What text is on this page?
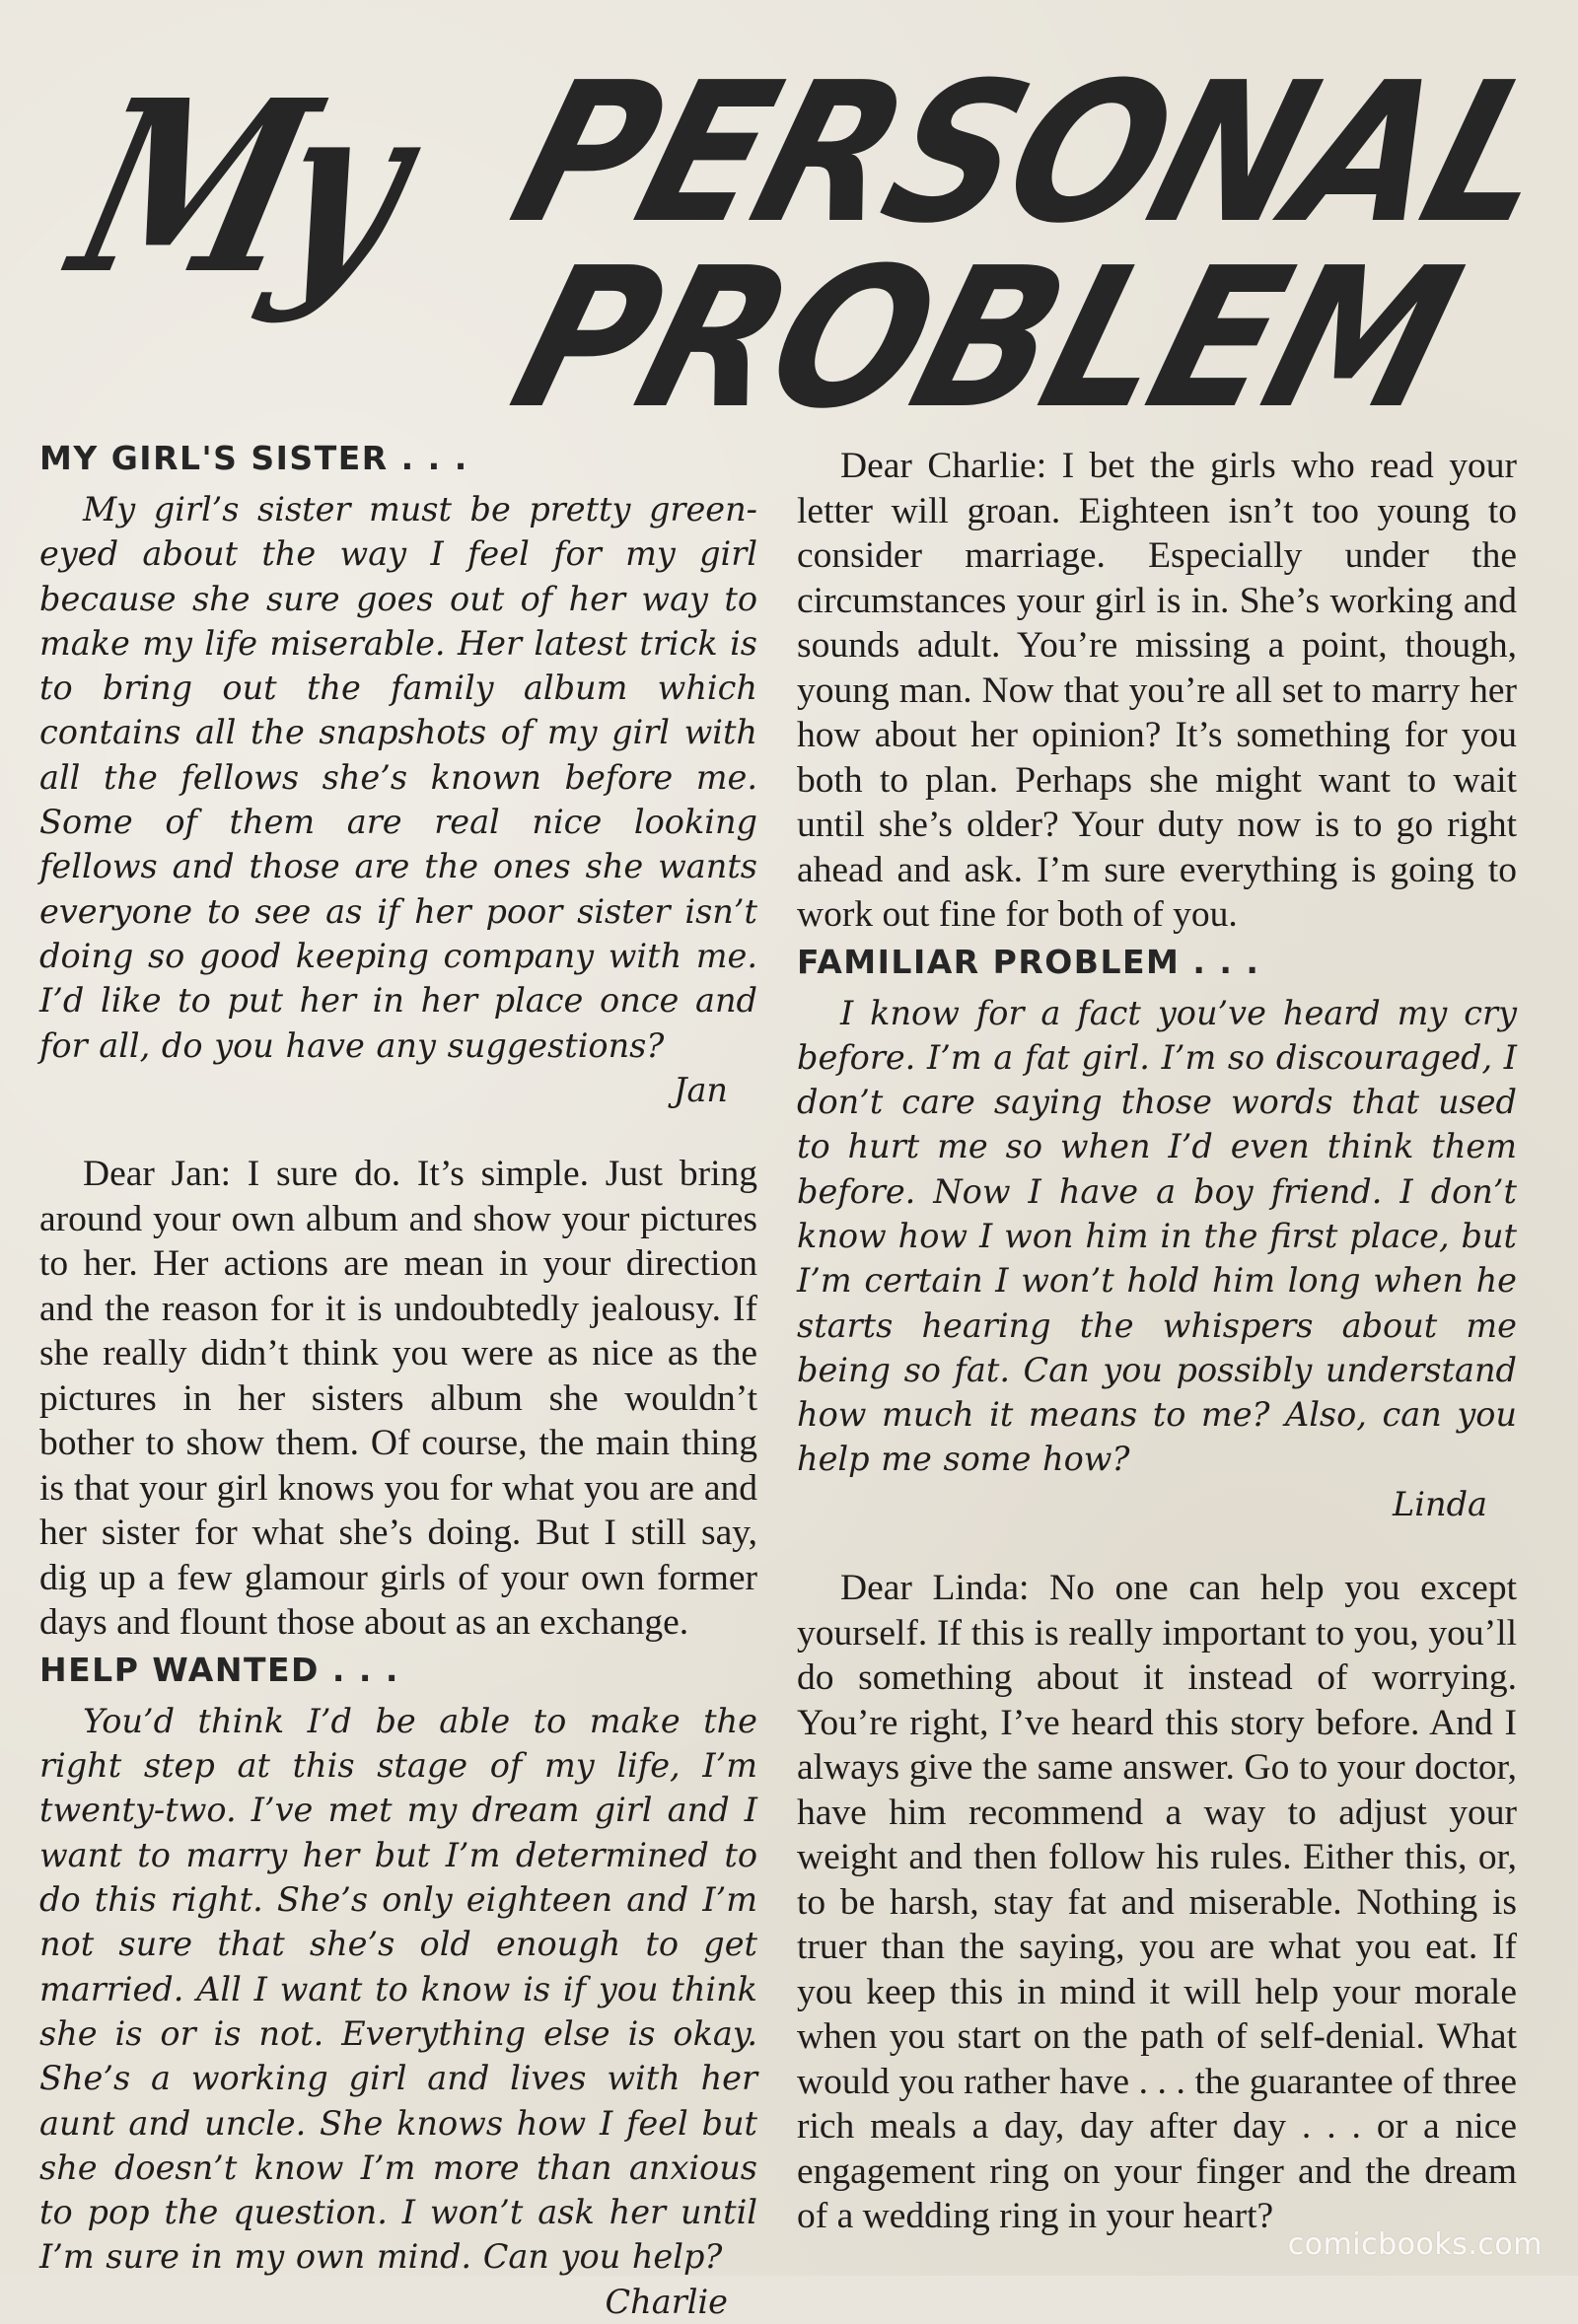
My PERSONAL
PROBLEM
MY GIRL'S SISTER . . .

My girl’s sister must be pretty green-eyed about the way I feel for my girl because she sure goes out of her way to make my life miserable. Her latest trick is to bring out the family album which contains all the snapshots of my girl with all the fellows she’s known before me. Some of them are real nice looking fellows and those are the ones she wants everyone to see as if her poor sister isn’t doing so good keeping company with me. I’d like to put her in her place once and for all, do you have any suggestions?

Jan

Dear Jan: I sure do. It’s simple. Just bring around your own album and show your pictures to her. Her actions are mean in your direction and the reason for it is undoubtedly jealousy. If she really didn’t think you were as nice as the pictures in her sisters album she wouldn’t bother to show them. Of course, the main thing is that your girl knows you for what you are and her sister for what she’s doing. But I still say, dig up a few glamour girls of your own former days and flount those about as an exchange.

HELP WANTED . . .

You’d think I’d be able to make the right step at this stage of my life, I’m twenty-two. I’ve met my dream girl and I want to marry her but I’m determined to do this right. She’s only eighteen and I’m not sure that she’s old enough to get married. All I want to know is if you think she is or is not. Everything else is okay. She’s a working girl and lives with her aunt and uncle. She knows how I feel but she doesn’t know I’m more than anxious to pop the question. I won’t ask her until I’m sure in my own mind. Can you help?

Charlie

Dear Charlie: I bet the girls who read your letter will groan. Eighteen isn’t too young to consider marriage. Especially under the circumstances your girl is in. She’s working and sounds adult. You’re missing a point, though, young man. Now that you’re all set to marry her how about her opinion? It’s something for you both to plan. Perhaps she might want to wait until she’s older? Your duty now is to go right ahead and ask. I’m sure everything is going to work out fine for both of you.

FAMILIAR PROBLEM . . .

I know for a fact you’ve heard my cry before. I’m a fat girl. I’m so discouraged, I don’t care saying those words that used to hurt me so when I’d even think them before. Now I have a boy friend. I don’t know how I won him in the first place, but I’m certain I won’t hold him long when he starts hearing the whispers about me being so fat. Can you possibly understand how much it means to me? Also, can you help me some how?

Linda

Dear Linda: No one can help you except yourself. If this is really important to you, you’ll do something about it instead of worrying. You’re right, I’ve heard this story before. And I always give the same answer. Go to your doctor, have him recommend a way to adjust your weight and then follow his rules. Either this, or, to be harsh, stay fat and miserable. Nothing is truer than the saying, you are what you eat. If you keep this in mind it will help your morale when you start on the path of self-denial. What would you rather have . . . the guarantee of three rich meals a day, day after day . . . or a nice engagement ring on your finger and the dream of a wedding ring in your heart?

comicbooks.com
